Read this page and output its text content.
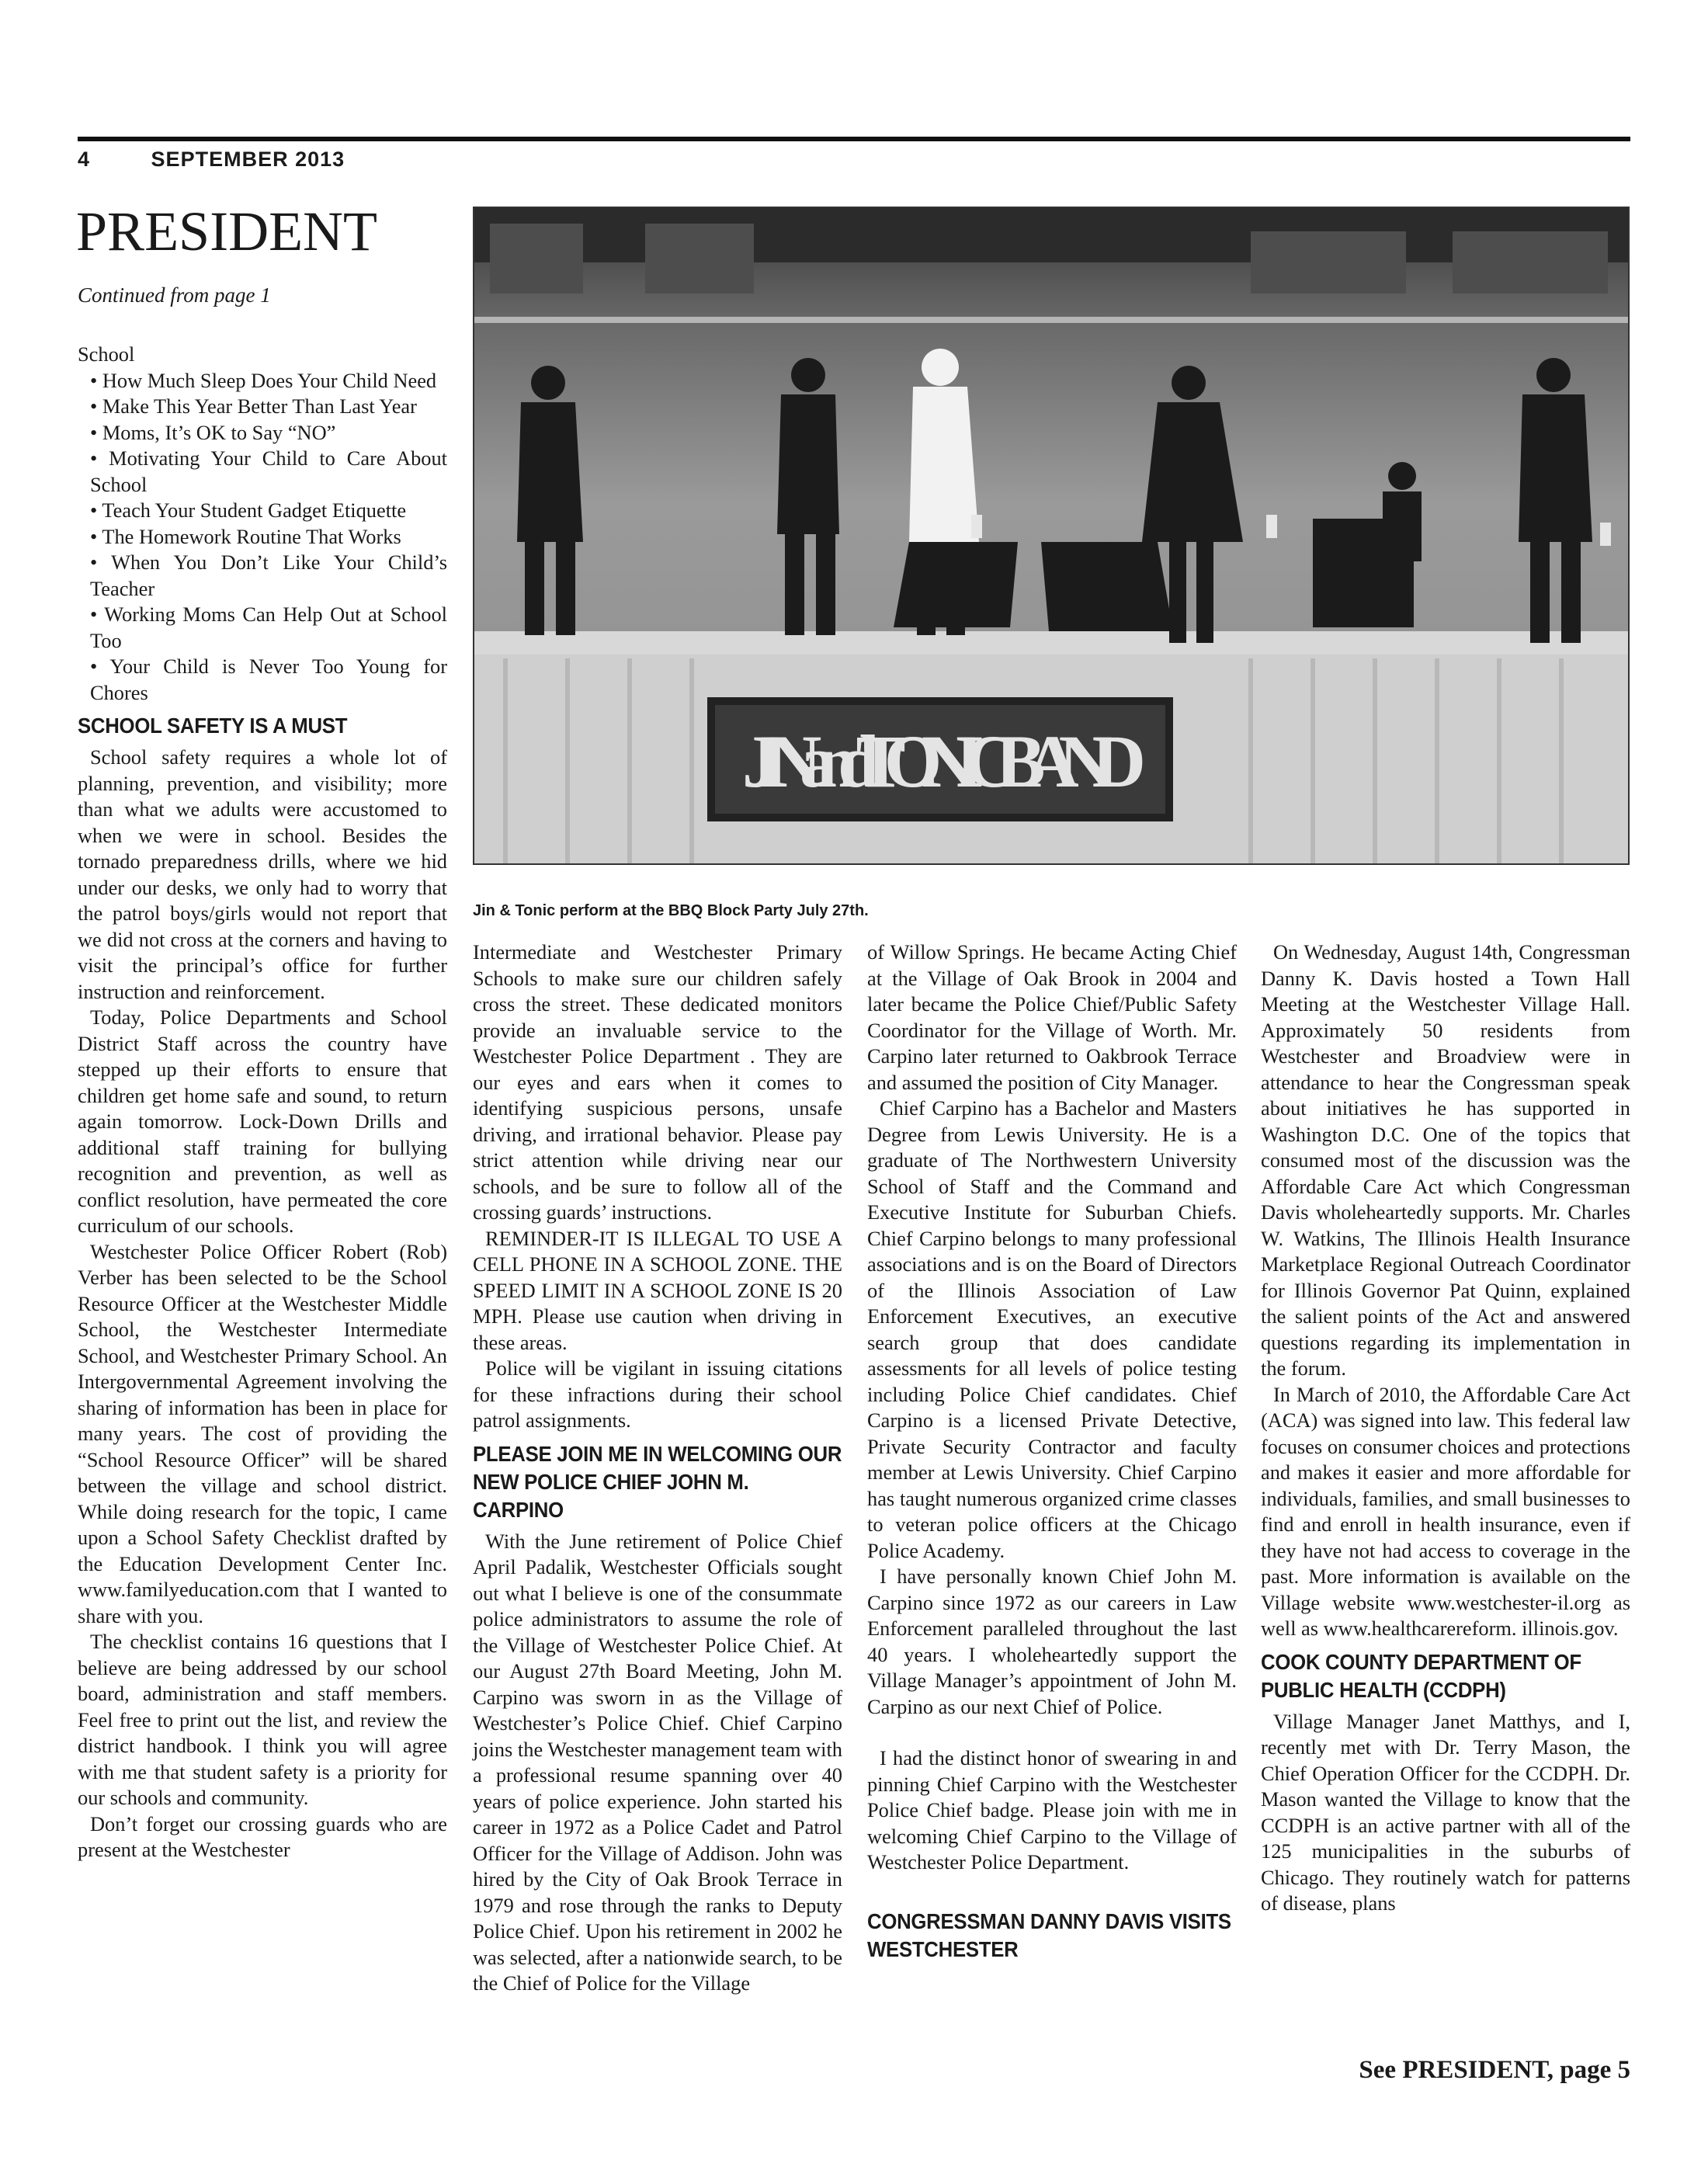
4	SEPTEMBER 2013
PRESIDENT
Continued from page 1

School

• How Much Sleep Does Your Child Need
• Make This Year Better Than Last Year
• Moms, It’s OK to Say “NO”
• Motivating Your Child to Care About School
• Teach Your Student Gadget Etiquette
• The Homework Routine That Works
• When You Don’t Like Your Child’s Teacher
• Working Moms Can Help Out at School Too
• Your Child is Never Too Young for Chores
SCHOOL SAFETY IS A MUST

School safety requires a whole lot of planning, prevention, and visibility; more than what we adults were accustomed to when we were in school. Besides the tornado preparedness drills, where we hid under our desks, we only had to worry that the patrol boys/girls would not report that we did not cross at the corners and having to visit the principal’s office for further instruction and reinforcement.

Today, Police Departments and School District Staff across the country have stepped up their efforts to ensure that children get home safe and sound, to return again tomorrow. Lock-Down Drills and additional staff training for bullying recognition and prevention, as well as conflict resolution, have permeated the core curriculum of our schools.

Westchester Police Officer Robert (Rob) Verber has been selected to be the School Resource Officer at the Westchester Middle School, the Westchester Intermediate School, and Westchester Primary School. An Intergovernmental Agreement involving the sharing of information has been in place for many years. The cost of providing the “School Resource Officer” will be shared between the village and school district. While doing research for the topic, I came upon a School Safety Checklist drafted by the Education Development Center Inc. www.familyeducation.com that I wanted to share with you.

The checklist contains 16 questions that I believe are being addressed by our school board, administration and staff members. Feel free to print out the list, and review the district handbook. I think you will agree with me that student safety is a priority for our schools and community.

Don’t forget our crossing guards who are present at the Westchester

JIN and TONIC BAND
Jin & Tonic perform at the BBQ Block Party July 27th.

Intermediate and Westchester Primary Schools to make sure our children safely cross the street. These dedicated monitors provide an invaluable service to the Westchester Police Department . They are our eyes and ears when it comes to identifying suspicious persons, unsafe driving, and irrational behavior. Please pay strict attention while driving near our schools, and be sure to follow all of the crossing guards’ instructions.

REMINDER-IT IS ILLEGAL TO USE A CELL PHONE IN A SCHOOL ZONE. THE SPEED LIMIT IN A SCHOOL ZONE IS 20 MPH. Please use caution when driving in these areas.

Police will be vigilant in issuing citations for these infractions during their school patrol assignments.

PLEASE JOIN ME IN WELCOMING OUR NEW POLICE CHIEF JOHN M. CARPINO

With the June retirement of Police Chief April Padalik, Westchester Officials sought out what I believe is one of the consummate police administrators to assume the role of the Village of Westchester Police Chief. At our August 27th Board Meeting, John M. Carpino was sworn in as the Village of Westchester’s Police Chief. Chief Carpino joins the Westchester management team with a professional resume spanning over 40 years of police experience. John started his career in 1972 as a Police Cadet and Patrol Officer for the Village of Addison. John was hired by the City of Oak Brook Terrace in 1979 and rose through the ranks to Deputy Police Chief. Upon his retirement in 2002 he was selected, after a nationwide search, to be the Chief of Police for the Village

of Willow Springs. He became Acting Chief at the Village of Oak Brook in 2004 and later became the Police Chief/Public Safety Coordinator for the Village of Worth. Mr. Carpino later returned to Oakbrook Terrace and assumed the position of City Manager.

Chief Carpino has a Bachelor and Masters Degree from Lewis University. He is a graduate of The Northwestern University School of Staff and the Command and Executive Institute for Suburban Chiefs. Chief Carpino belongs to many professional associations and is on the Board of Directors of the Illinois Association of Law Enforcement Executives, an executive search group that does candidate assessments for all levels of police testing including Police Chief candidates. Chief Carpino is a licensed Private Detective, Private Security Contractor and faculty member at Lewis University. Chief Carpino has taught numerous organized crime classes to veteran police officers at the Chicago Police Academy.

I have personally known Chief John M. Carpino since 1972 as our careers in Law Enforcement paralleled throughout the last 40 years. I wholeheartedly support the Village Manager’s appointment of John M. Carpino as our next Chief of Police.

I had the distinct honor of swearing in and pinning Chief Carpino with the Westchester Police Chief badge. Please join with me in welcoming Chief Carpino to the Village of Westchester Police Department.

CONGRESSMAN DANNY DAVIS VISITS WESTCHESTER

On Wednesday, August 14th, Congressman Danny K. Davis hosted a Town Hall Meeting at the Westchester Village Hall. Approximately 50 residents from Westchester and Broadview were in attendance to hear the Congressman speak about initiatives he has supported in Washington D.C. One of the topics that consumed most of the discussion was the Affordable Care Act which Congressman Davis wholeheartedly supports. Mr. Charles W. Watkins, The Illinois Health Insurance Marketplace Regional Outreach Coordinator for Illinois Governor Pat Quinn, explained the salient points of the Act and answered questions regarding its implementation in the forum.

In March of 2010, the Affordable Care Act (ACA) was signed into law. This federal law focuses on consumer choices and protections and makes it easier and more affordable for individuals, families, and small businesses to find and enroll in health insurance, even if they have not had access to coverage in the past. More information is available on the Village website www.westchester-il.org as well as www.healthcarereform. illinois.gov.

COOK COUNTY DEPARTMENT OF PUBLIC HEALTH (CCDPH)

Village Manager Janet Matthys, and I, recently met with Dr. Terry Mason, the Chief Operation Officer for the CCDPH. Dr. Mason wanted the Village to know that the CCDPH is an active partner with all of the 125 municipalities in the suburbs of Chicago. They routinely watch for patterns of disease, plans

See PRESIDENT, page 5
